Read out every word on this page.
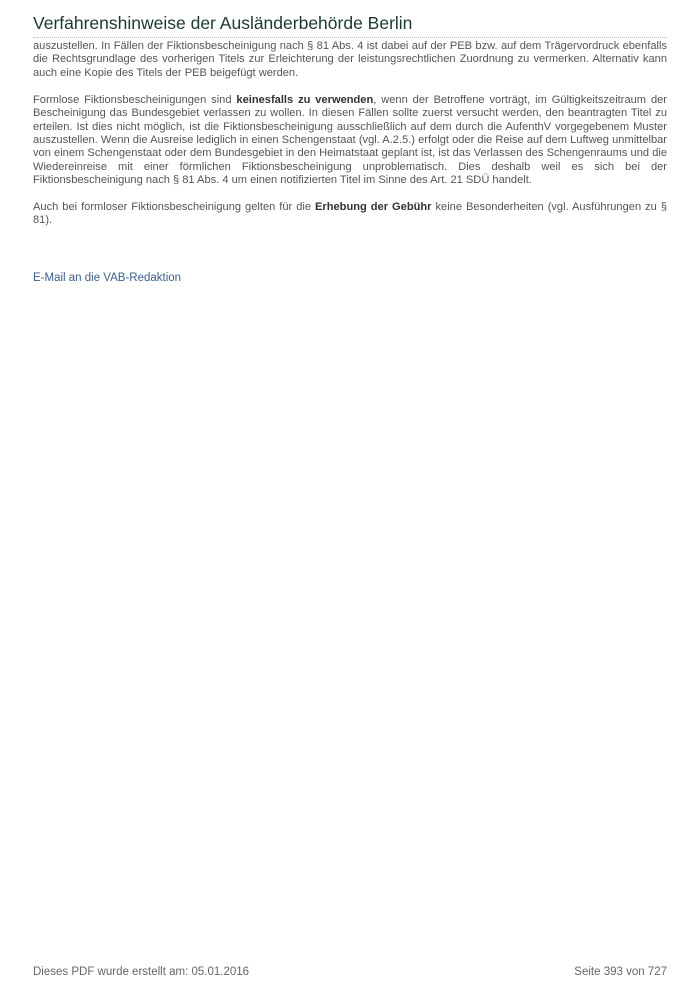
Verfahrenshinweise der Ausländerbehörde Berlin

auszustellen. In Fällen der Fiktionsbescheinigung nach § 81 Abs. 4 ist dabei auf der PEB bzw. auf dem Trägervordruck ebenfalls die Rechtsgrundlage des vorherigen Titels zur Erleichterung der leistungsrechtlichen Zuordnung zu vermerken. Alternativ kann auch eine Kopie des Titels der PEB beigefügt werden.

Formlose Fiktionsbescheinigungen sind keinesfalls zu verwenden, wenn der Betroffene vorträgt, im Gültigkeitszeitraum der Bescheinigung das Bundesgebiet verlassen zu wollen. In diesen Fällen sollte zuerst versucht werden, den beantragten Titel zu erteilen. Ist dies nicht möglich, ist die Fiktionsbescheinigung ausschließlich auf dem durch die AufenthV vorgegebenem Muster auszustellen. Wenn die Ausreise lediglich in einen Schengenstaat (vgl. A.2.5.) erfolgt oder die Reise auf dem Luftweg unmittelbar von einem Schengenstaat oder dem Bundesgebiet in den Heimatstaat geplant ist, ist das Verlassen des Schengenraums und die Wiedereinreise mit einer förmlichen Fiktionsbescheinigung unproblematisch. Dies deshalb weil es sich bei der Fiktionsbescheinigung nach § 81 Abs. 4 um einen notifizierten Titel im Sinne des Art. 21 SDÜ handelt.

Auch bei formloser Fiktionsbescheinigung gelten für die Erhebung der Gebühr keine Besonderheiten (vgl. Ausführungen zu § 81).

E-Mail an die VAB-Redaktion
Dieses PDF wurde erstellt am: 05.01.2016	Seite 393 von 727
